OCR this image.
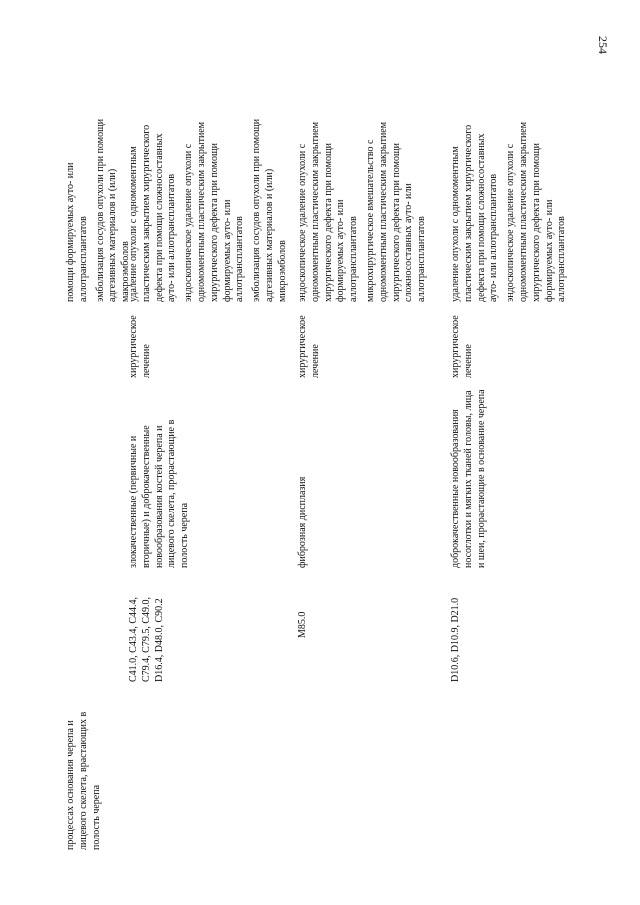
254

процессах основания черепа и лицевого скелета, врастающих в полость черепа

помощи формируемых ауто- или аллотрансплантатов эмболизация сосудов опухоли при помощи адгезивных материалов и (или) макроэмболов

C41.0, C43.4, C44.4, C79.4, C79.5, C49.0, D16.4, D48.0, C90.2

злокачественные (первичные и вторичные) и доброкачественные новообразования костей черепа и лицевого скелета, прорастающие в полость черепа

хирургическое лечение

удаление опухоли с одномоментным пластическим закрытием хирургического дефекта при помощи сложносоставных ауто- или аллотрансплантатов эндоскопическое удаление опухоли с одномоментным пластическим закрытием хирургического дефекта при помощи формируемых ауто- или аллотрансплантатов эмболизация сосудов опухоли при помощи адгезивных материалов и (или) микроэмболов

M85.0

фиброзная дисплазия

хирургическое лечение

эндоскопическое удаление опухоли с одномоментным пластическим закрытием хирургического дефекта при помощи формируемых ауто- или аллотрансплантатов микрохирургическое вмешательство с одномоментным пластическим закрытием хирургического дефекта при помощи сложносоставных ауто- или аллотрансплантатов

D10.6, D10.9, D21.0

доброкачественные новообразования носоглотки и мягких тканей головы, лица и шеи, прорастающие в основание черепа

хирургическое лечение

удаление опухоли с одномоментным пластическим закрытием хирургического дефекта при помощи сложносоставных ауто- или аллотрансплантатов эндоскопическое удаление опухоли с одномоментным пластическим закрытием хирургического дефекта при помощи формируемых ауто- или аллотрансплантатов
